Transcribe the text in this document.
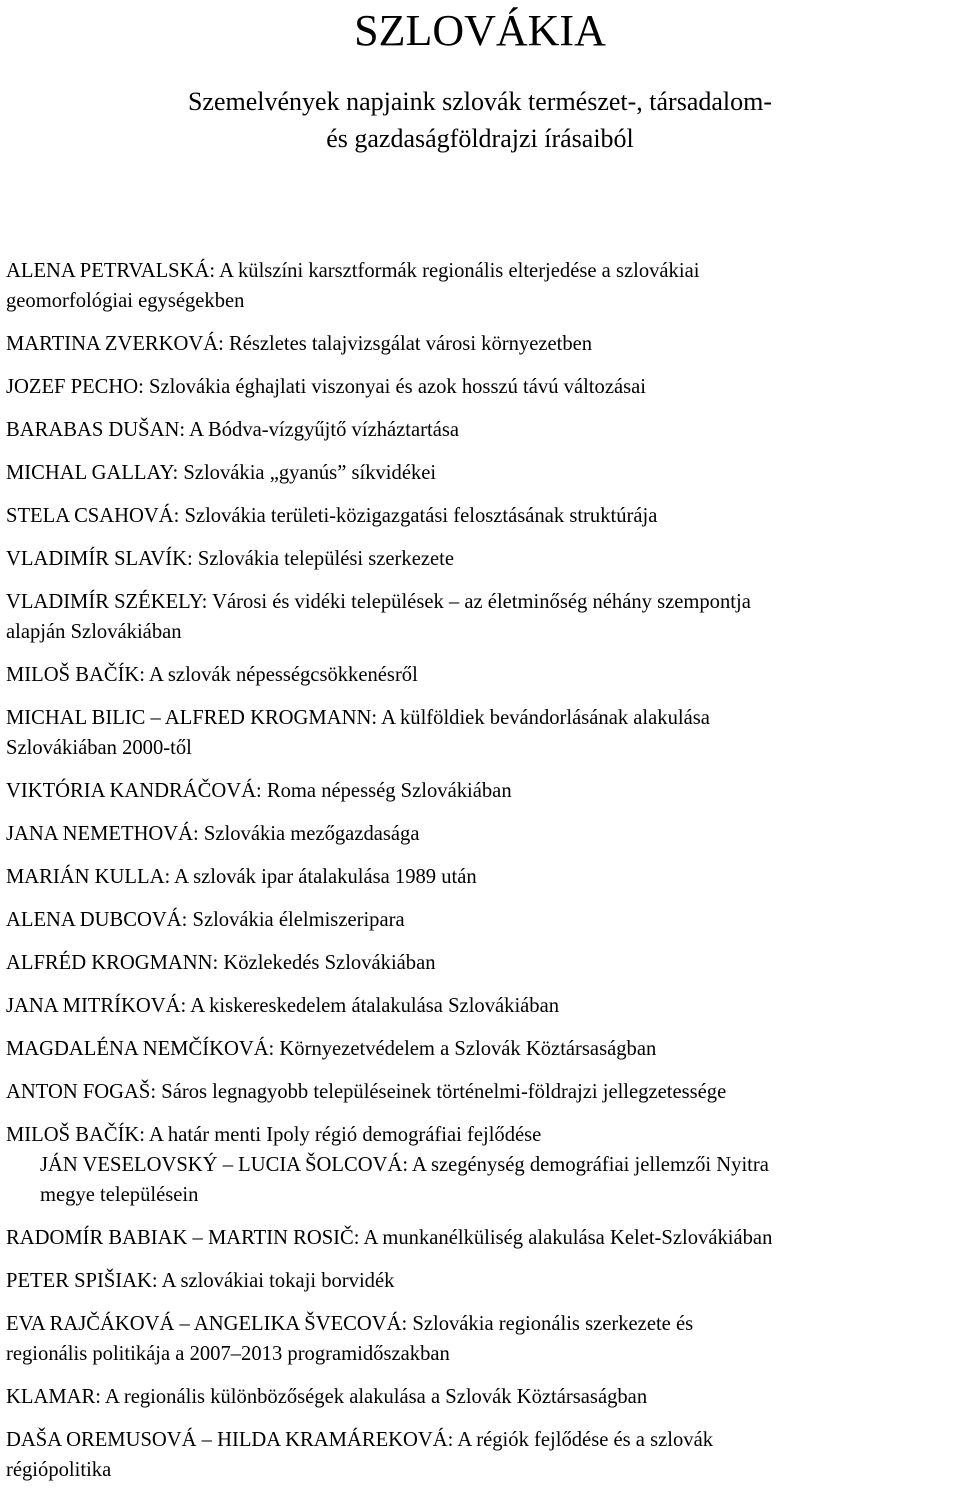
SZLOVÁKIA
Szemelvények napjaink szlovák természet-, társadalom-
és gazdaságföldrajzi írásaiból
ALENA PETRVALSKÁ: A külszíni karsztformák regionális elterjedése a szlovákiai
geomorfológiai egységekben
MARTINA ZVERKOVÁ: Részletes talajvizsgálat városi környezetben
JOZEF PECHO: Szlovákia éghajlati viszonyai és azok hosszú távú változásai
BARABAS DUŠAN: A Bódva-vízgyűjtő vízháztartása
MICHAL GALLAY: Szlovákia „gyanús” síkvidékei
STELA CSAHOVÁ: Szlovákia területi-közigazgatási felosztásának struktúrája
VLADIMÍR SLAVÍK: Szlovákia települési szerkezete
VLADIMÍR SZÉKELY: Városi és vidéki települések – az életminőség néhány szempontja
alapján Szlovákiában
MILOŠ BAČÍK: A szlovák népességcsökkenésről
MICHAL BILIC – ALFRED KROGMANN: A külföldiek bevándorlásának alakulása
Szlovákiában 2000-től
VIKTÓRIA KANDRÁČOVÁ: Roma népesség Szlovákiában
JANA NEMETHOVÁ: Szlovákia mezőgazdasága
MARIÁN KULLA: A szlovák ipar átalakulása 1989 után
ALENA DUBCOVÁ: Szlovákia élelmiszeripara
ALFRÉD KROGMANN: Közlekedés Szlovákiában
JANA MITRÍKOVÁ: A kiskereskedelem átalakulása Szlovákiában
MAGDALÉNA NEMČÍKOVÁ: Környezetvédelem a Szlovák Köztársaságban
ANTON FOGAŠ: Sáros legnagyobb településeinek történelmi-földrajzi jellegzetessége
MILOŠ BAČÍK: A határ menti Ipoly régió demográfiai fejlődése
JÁN VESELOVSKÝ – LUCIA ŠOLCOVÁ: A szegénység demográfiai jellemzői Nyitra
megye településein
RADOMÍR BABIAK – MARTIN ROSIČ: A munkanélküliség alakulása Kelet-Szlovákiában
PETER SPIŠIAK: A szlovákiai tokaji borvidék
EVA RAJČÁKOVÁ – ANGELIKA ŠVECOVÁ: Szlovákia regionális szerkezete és
regionális politikája a 2007–2013 programidőszakban
KLAMAR: A regionális különbözőségek alakulása a Szlovák Köztársaságban
DAŠA OREMUSOVÁ – HILDA KRAMÁREKOVÁ: A régiók fejlődése és a szlovák
régiópolitika
